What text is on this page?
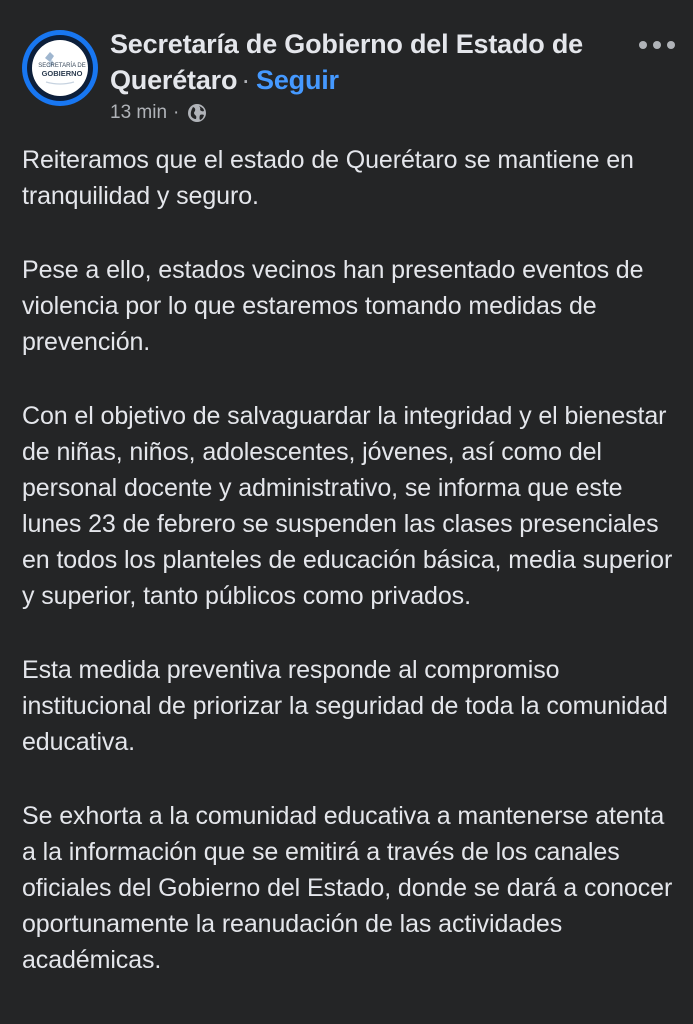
SECRETARÍA DE
GOBIERNO
Secretaría de Gobierno del Estado de Querétaro · Seguir
13 min ·

Reiteramos que el estado de Querétaro se mantiene en tranquilidad y seguro.

Pese a ello, estados vecinos han presentado eventos de violencia por lo que estaremos tomando medidas de prevención.

Con el objetivo de salvaguardar la integridad y el bienestar de niñas, niños, adolescentes, jóvenes, así como del personal docente y administrativo, se informa que este lunes 23 de febrero se suspenden las clases presenciales en todos los planteles de educación básica, media superior y superior, tanto públicos como privados.

Esta medida preventiva responde al compromiso institucional de priorizar la seguridad de toda la comunidad educativa.

Se exhorta a la comunidad educativa a mantenerse atenta a la información que se emitirá a través de los canales oficiales del Gobierno del Estado, donde se dará a conocer oportunamente la reanudación de las actividades académicas.
